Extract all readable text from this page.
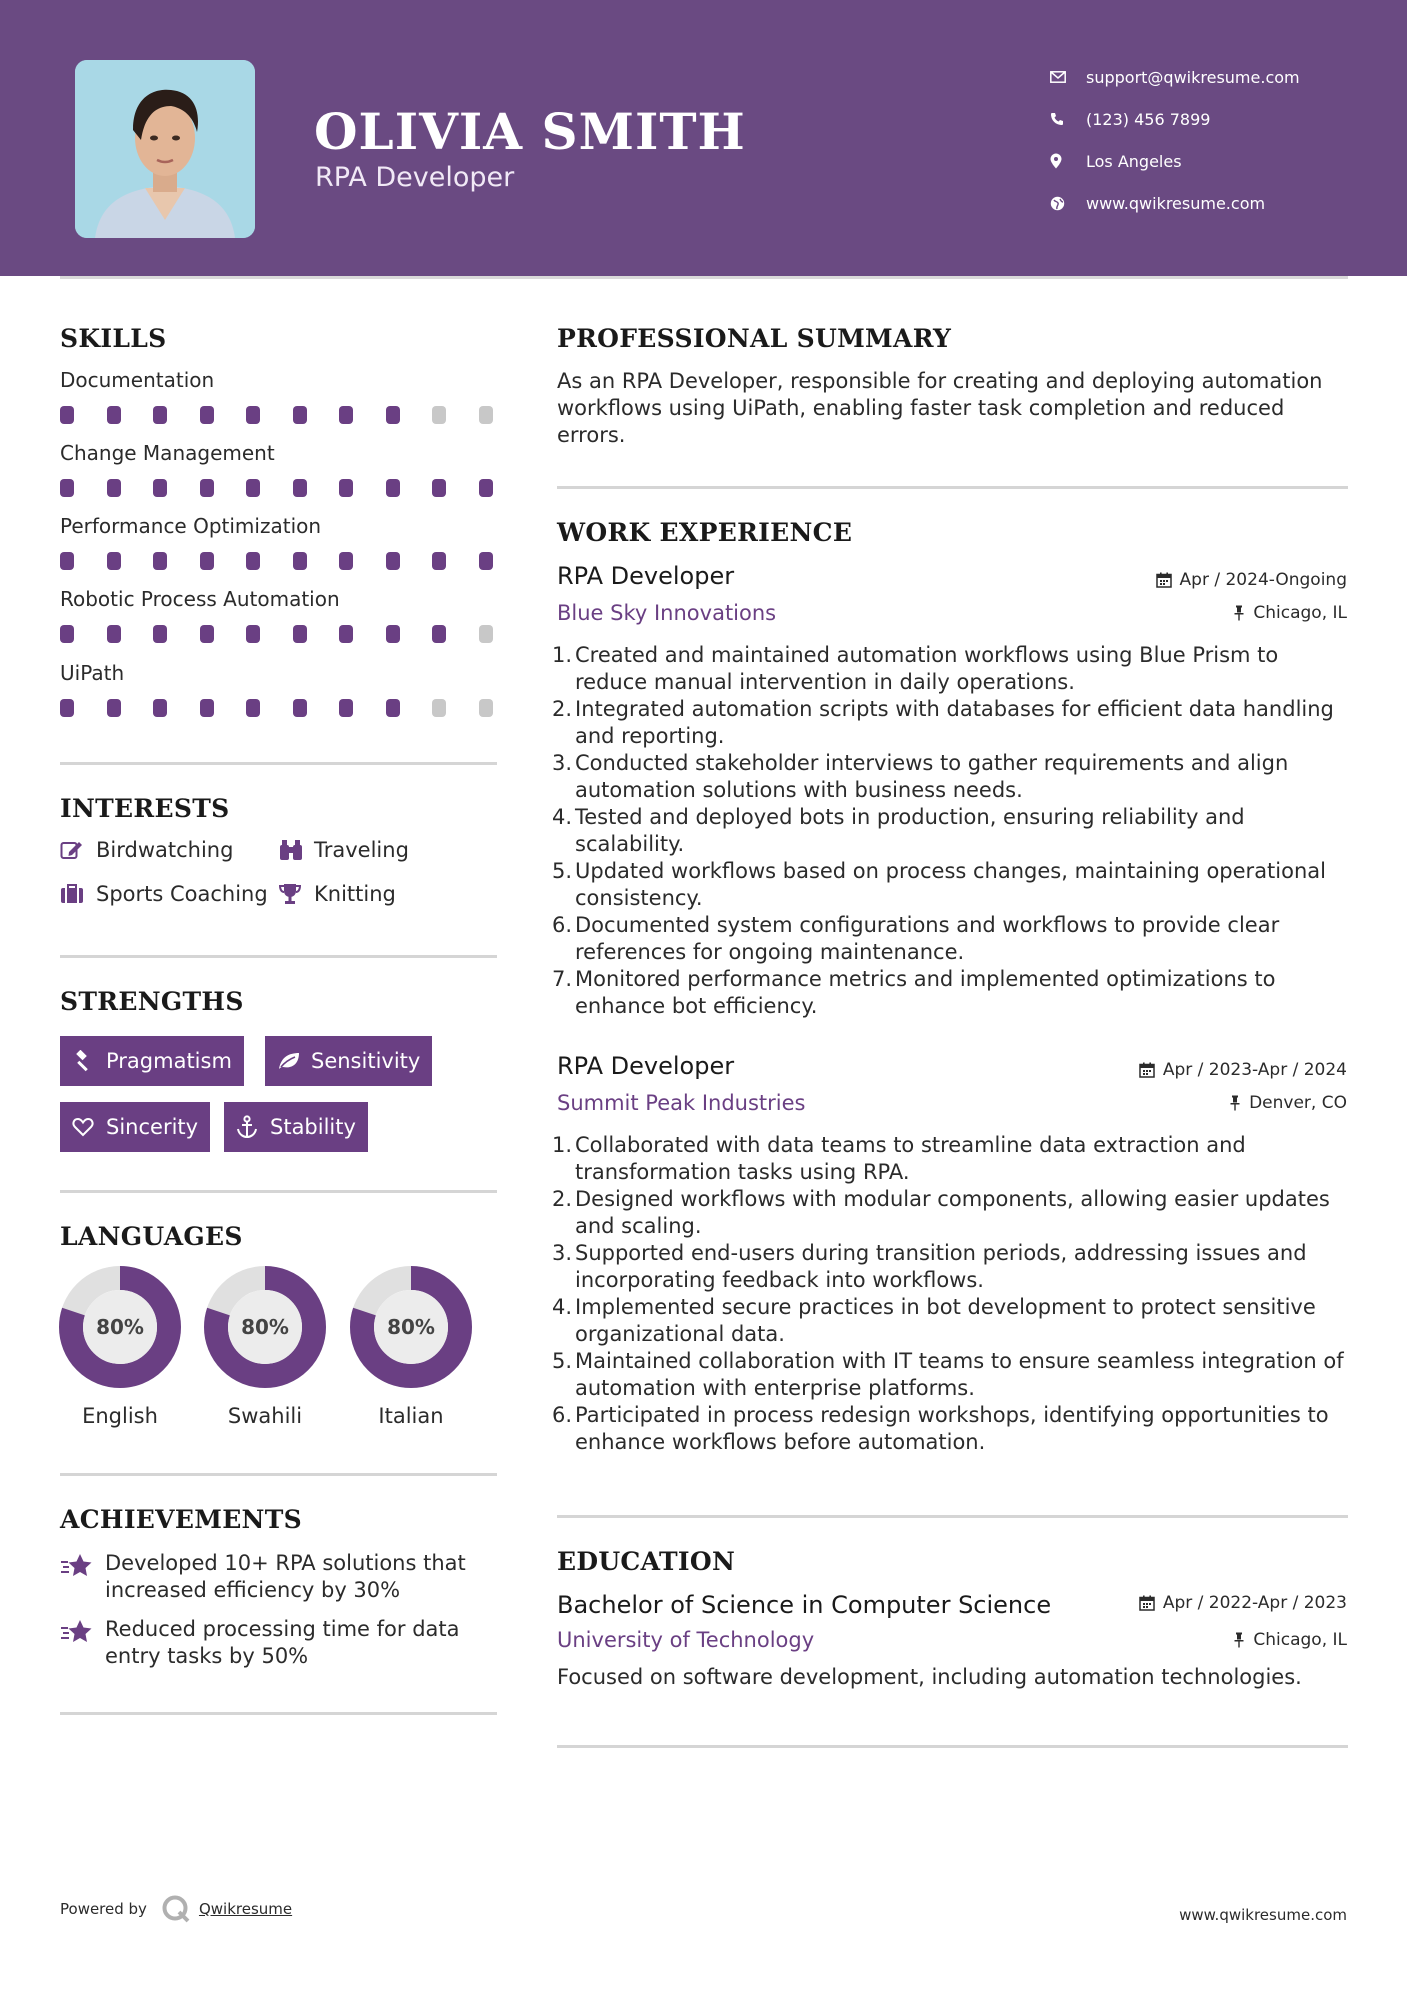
OLIVIA SMITH
RPA Developer
support@qwikresume.com
(123) 456 7899
Los Angeles
www.qwikresume.com
SKILLS
Documentation
Change Management
Performance Optimization
Robotic Process Automation
UiPath
INTERESTS
Birdwatching	Traveling
Sports Coaching Knitting
STRENGTHS
Pragmatism	Sensitivity
Sincerity	Stability
LANGUAGES
80%
English
80%
Swahili
80%
Italian
ACHIEVEMENTS
Developed 10+ RPA solutions that increased efficiency by 30%
Reduced processing time for data entry tasks by 50%
PROFESSIONAL SUMMARY
As an RPA Developer, responsible for creating and deploying automation workflows using UiPath, enabling faster task completion and reduced errors.
WORK EXPERIENCE
RPA Developer	Apr / 2024-Ongoing
Blue Sky Innovations	Chicago, IL
1. Created and maintained automation workflows using Blue Prism to reduce manual intervention in daily operations.
2. Integrated automation scripts with databases for efficient data handling and reporting.
3. Conducted stakeholder interviews to gather requirements and align automation solutions with business needs.
4. Tested and deployed bots in production, ensuring reliability and scalability.
5. Updated workflows based on process changes, maintaining operational consistency.
6. Documented system configurations and workflows to provide clear references for ongoing maintenance.
7. Monitored performance metrics and implemented optimizations to enhance bot efficiency.
RPA Developer	Apr / 2023-Apr / 2024
Summit Peak Industries	Denver, CO
1. Collaborated with data teams to streamline data extraction and transformation tasks using RPA.
2. Designed workflows with modular components, allowing easier updates and scaling.
3. Supported end-users during transition periods, addressing issues and incorporating feedback into workflows.
4. Implemented secure practices in bot development to protect sensitive organizational data.
5. Maintained collaboration with IT teams to ensure seamless integration of automation with enterprise platforms.
6. Participated in process redesign workshops, identifying opportunities to enhance workflows before automation.
EDUCATION
Bachelor of Science in Computer Science	Apr / 2022-Apr / 2023
University of Technology	Chicago, IL
Focused on software development, including automation technologies.
Powered by	Qwikresume	www.qwikresume.com
